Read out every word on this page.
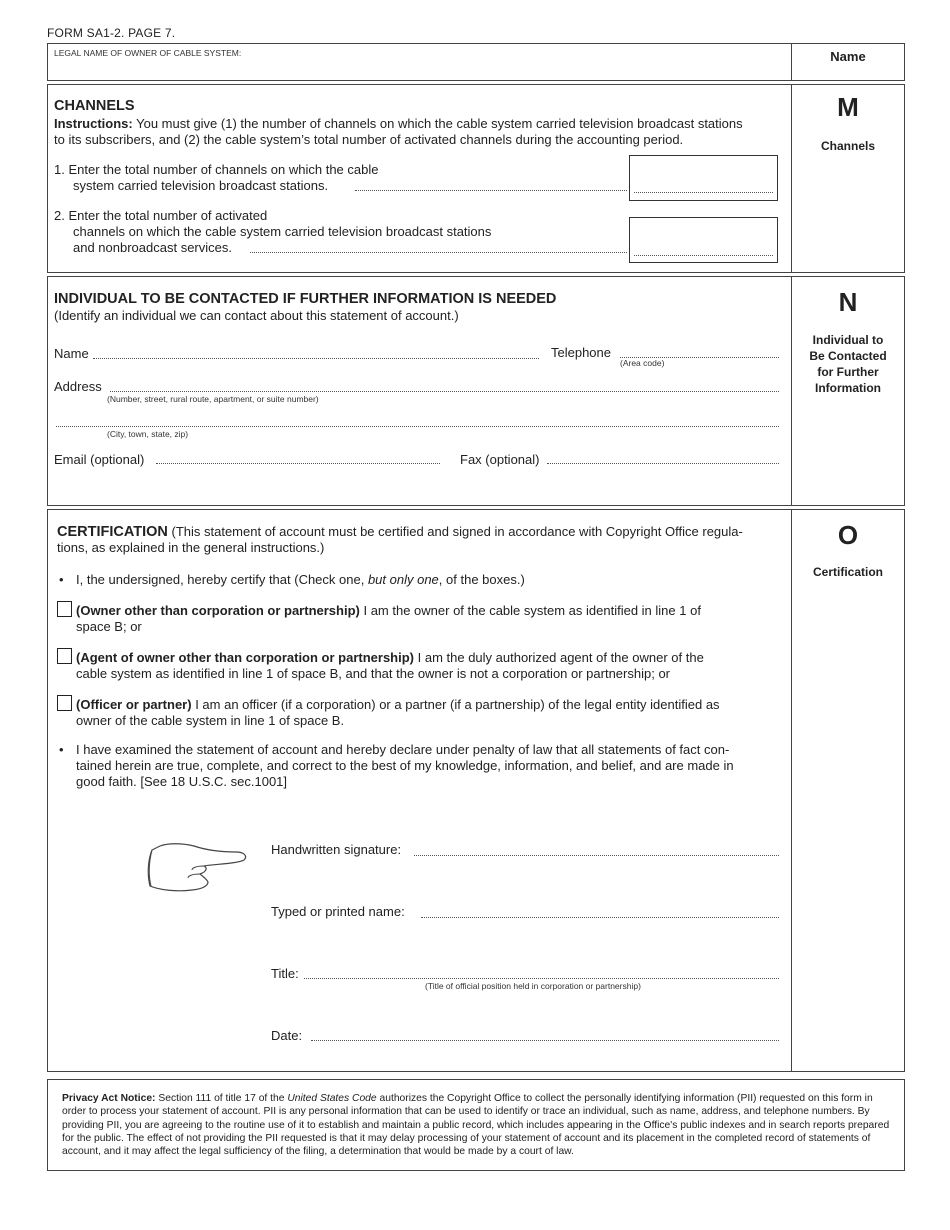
FORM SA1-2. PAGE 7.
LEGAL NAME OF OWNER OF CABLE SYSTEM:	Name
M
Channels
CHANNELS
Instructions: You must give (1) the number of channels on which the cable system carried television broadcast stations
to its subscribers, and (2) the cable system’s total number of activated channels during the accounting period.
1. Enter the total number of channels on which the cable
system carried television broadcast stations.
2. Enter the total number of activated
channels on which the cable system carried television broadcast stations
and nonbroadcast services.
N
Individual to
Be Contacted
for Further
Information
INDIVIDUAL TO BE CONTACTED IF FURTHER INFORMATION IS NEEDED
(Identify an individual we can contact about this statement of account.)
Name	Telephone
(Area code)
Address
(Number, street, rural route, apartment, or suite number)
(City, town, state, zip)
Email (optional)	Fax (optional)
O
Certification
CERTIFICATION (This statement of account must be certified and signed in accordance with Copyright Office regula-
tions, as explained in the general instructions.)
• I, the undersigned, hereby certify that (Check one, but only one, of the boxes.)
(Owner other than corporation or partnership) I am the owner of the cable system as identified in line 1 of
space B; or
(Agent of owner other than corporation or partnership) I am the duly authorized agent of the owner of the
cable system as identified in line 1 of space B, and that the owner is not a corporation or partnership; or
(Officer or partner) I am an officer (if a corporation) or a partner (if a partnership) of the legal entity identified as
owner of the cable system in line 1 of space B.
• I have examined the statement of account and hereby declare under penalty of law that all statements of fact con-
tained herein are true, complete, and correct to the best of my knowledge, information, and belief, and are made in
good faith. [See 18 U.S.C. sec.1001]
Handwritten signature:
Typed or printed name:
Title:
(Title of official position held in corporation or partnership)
Date:
Privacy Act Notice: Section 111 of title 17 of the United States Code authorizes the Copyright Office to collect the personally identifying information (PII) requested on this form in order to process your statement of account. PII is any personal information that can be used to identify or trace an individual, such as name, address, and telephone numbers. By providing PII, you are agreeing to the routine use of it to establish and maintain a public record, which includes appearing in the Office's public indexes and in search reports prepared for the public. The effect of not providing the PII requested is that it may delay processing of your statement of account and its placement in the completed record of statements of account, and it may affect the legal sufficiency of the filing, a determination that would be made by a court of law.
